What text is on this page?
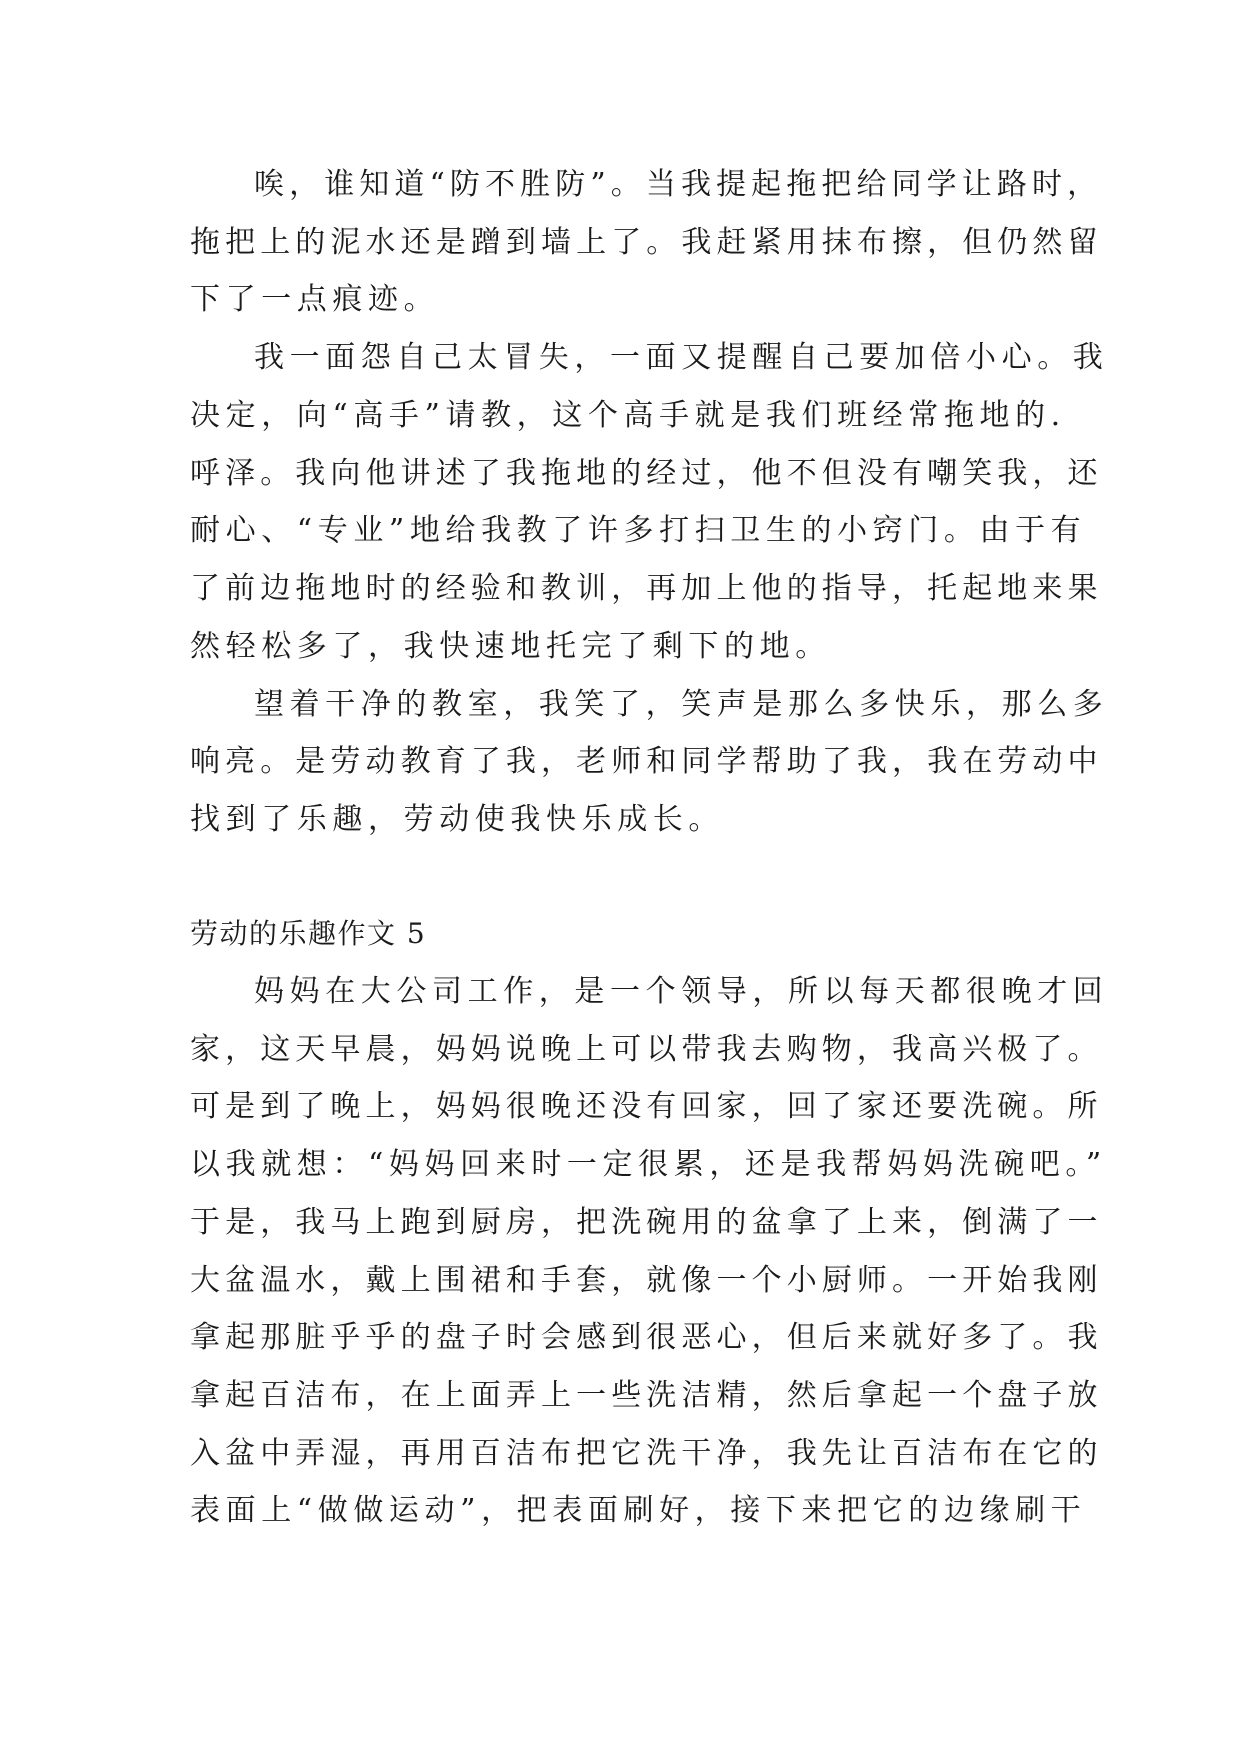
唉，谁知道“防不胜防”。当我提起拖把给同学让路时，
拖把上的泥水还是蹭到墙上了。我赶紧用抹布擦，但仍然留
下了一点痕迹。
我一面怨自己太冒失，一面又提醒自己要加倍小心。我
决定，向“高手”请教，这个高手就是我们班经常拖地的.
呼泽。我向他讲述了我拖地的经过，他不但没有嘲笑我，还
耐心、“专业”地给我教了许多打扫卫生的小窍门。由于有
了前边拖地时的经验和教训，再加上他的指导，托起地来果
然轻松多了，我快速地托完了剩下的地。
望着干净的教室，我笑了，笑声是那么多快乐，那么多
响亮。是劳动教育了我，老师和同学帮助了我，我在劳动中
找到了乐趣，劳动使我快乐成长。
劳动的乐趣作文 5
妈妈在大公司工作，是一个领导，所以每天都很晚才回
家，这天早晨，妈妈说晚上可以带我去购物，我高兴极了。
可是到了晚上，妈妈很晚还没有回家，回了家还要洗碗。所
以我就想：“妈妈回来时一定很累，还是我帮妈妈洗碗吧。”
于是，我马上跑到厨房，把洗碗用的盆拿了上来，倒满了一
大盆温水，戴上围裙和手套，就像一个小厨师。一开始我刚
拿起那脏乎乎的盘子时会感到很恶心，但后来就好多了。我
拿起百洁布，在上面弄上一些洗洁精，然后拿起一个盘子放
入盆中弄湿，再用百洁布把它洗干净，我先让百洁布在它的
表面上“做做运动”，把表面刷好，接下来把它的边缘刷干
